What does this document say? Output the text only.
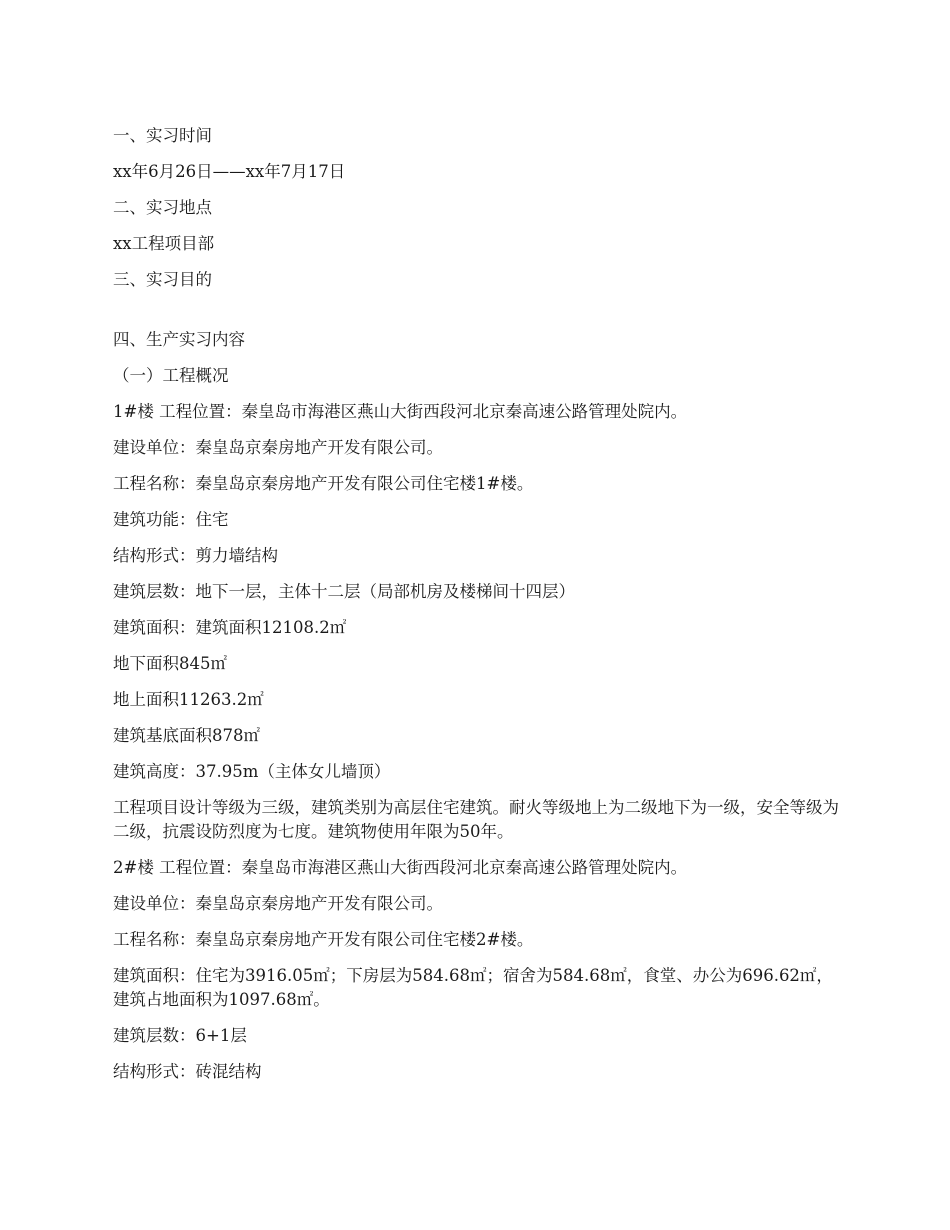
一、实习时间

xx年6月26日——xx年7月17日

二、实习地点

xx工程项目部

三、实习目的

四、生产实习内容

（一）工程概况

1#楼 工程位置：秦皇岛市海港区燕山大街西段河北京秦高速公路管理处院内。

建设单位：秦皇岛京秦房地产开发有限公司。

工程名称：秦皇岛京秦房地产开发有限公司住宅楼1#楼。

建筑功能：住宅

结构形式：剪力墙结构

建筑层数：地下一层，主体十二层（局部机房及楼梯间十四层）

建筑面积：建筑面积12108.2㎡

地下面积845㎡

地上面积11263.2㎡

建筑基底面积878㎡

建筑高度：37.95m（主体女儿墙顶）

工程项目设计等级为三级，建筑类别为高层住宅建筑。耐火等级地上为二级地下为一级，安全等级为二级，抗震设防烈度为七度。建筑物使用年限为50年。

2#楼 工程位置：秦皇岛市海港区燕山大街西段河北京秦高速公路管理处院内。

建设单位：秦皇岛京秦房地产开发有限公司。

工程名称：秦皇岛京秦房地产开发有限公司住宅楼2#楼。

建筑面积：住宅为3916.05㎡；下房层为584.68㎡；宿舍为584.68㎡，食堂、办公为696.62㎡，建筑占地面积为1097.68㎡。

建筑层数：6+1层

结构形式：砖混结构
